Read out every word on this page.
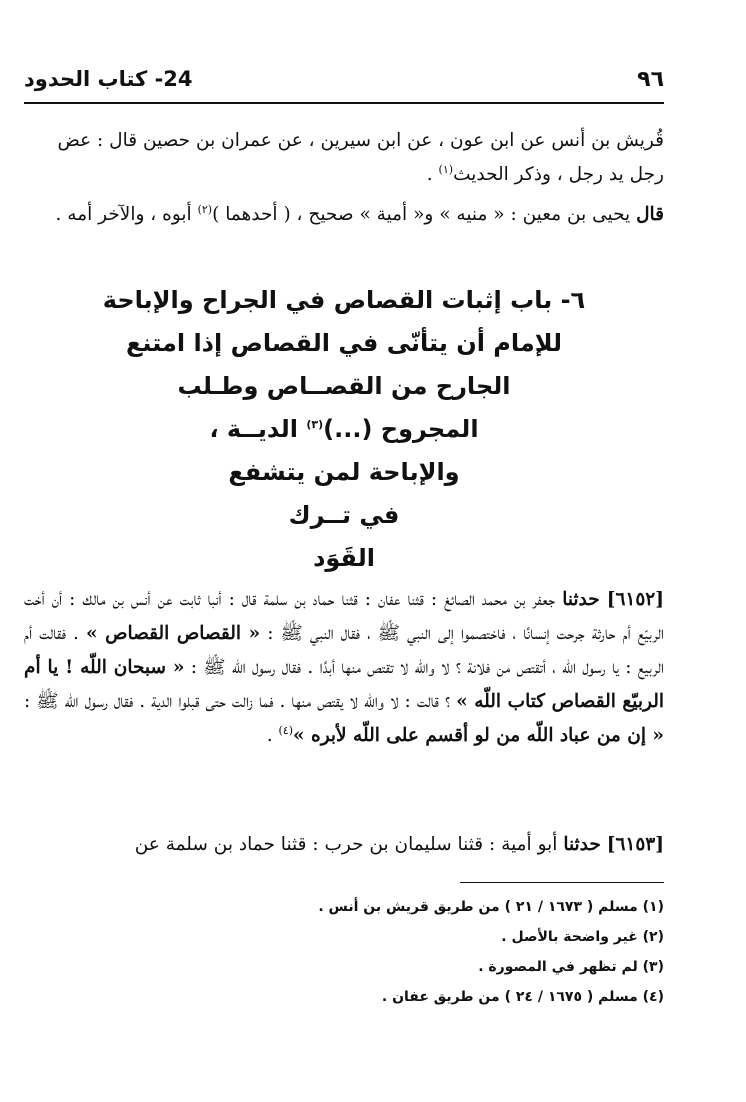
٩٦
24- كتاب الحدود
قُريش بن أنس عن ابن عون ، عن ابن سيرين ، عن عمران بن حصين قال : عض
رجل يد رجل ، وذكر الحديث$^{(١)}$ .
قال يحيى بن معين : « منيه » و« أمية » صحيح ، ( أحدهما )$^{(٢)}$ أبوه ، والآخر أمه .
٦- باب إثبات القصاص في الجراح والإباحة
للإمام أن يتأنّى في القصاص إذا امتنع
الجارح من القصــاص وطـلب
المجروح (...)$^{(٣)}$ الديــة ،
والإباحة لمن يتشفع
في تــرك
القَوَد
[٦١٥٢] حدثنا جعفر بن محمد الصائغ : قثنا عفان : قثنا حماد بن سلمة قال : أنبا ثابت عن أنس بن مالك : أن أخت الربيّع أم حارثة جرحت إنسانًا ، فاختصموا إلى النبي ﷺ ، فقال النبي ﷺ : « القصاص القصاص » . فقالت أم الربيع : يا رسول اللّه ، أتقتص من فلانة ؟ لا واللّه لا تقتص منها أبدًا . فقال رسول اللّه ﷺ : « سبحان اللّه ! يا أم الربيّع القصاص كتاب اللّه » ؟ قالت : لا واللّه لا يقتص منها . فما زالت حتى قبلوا الدية . فقال رسول اللّه ﷺ : « إن من عباد اللّه من لو أقسم على اللّه لأبره »$^{(٤)}$ .
[٦١٥٣] حدثنا أبو أمية : قثنا سليمان بن حرب : قثنا حماد بن سلمة عن
(١) مسلم ( ١٦٧٣ / ٢١ ) من طريق قريش بن أنس .
(٢) غير واضحة بالأصل .
(٣) لم تظهر في المصورة .
(٤) مسلم ( ١٦٧٥ / ٢٤ ) من طريق عفان .
